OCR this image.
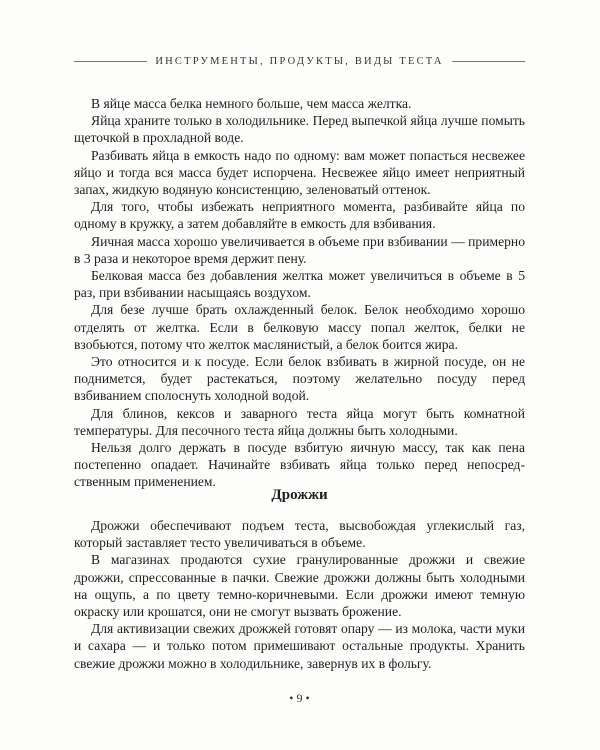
ИНСТРУМЕНТЫ, ПРОДУКТЫ, ВИДЫ ТЕСТА

В яйце масса белка немного больше, чем масса желтка.

Яйца храните только в холодильнике. Перед выпечкой яйца лучше помыть щеточкой в прохладной воде.

Разбивать яйца в емкость надо по одному: вам может попасться несвежее яйцо и тогда вся масса будет испорчена. Несвежее яйцо имеет неприятный запах, жидкую водяную консистенцию, зеленоватый оттенок.

Для того, чтобы избежать неприятного момента, разбивайте яйца по одному в кружку, а затем добавляйте в емкость для взбивания.

Яичная масса хорошо увеличивается в объеме при взбивании — примерно в 3 раза и некоторое время держит пену.

Белковая масса без добавления желтка может увеличиться в объеме в 5 раз, при взбивании насыщаясь воздухом.

Для безе лучше брать охлажденный белок. Белок необходимо хорошо отделять от желтка. Если в белковую массу попал желток, белки не взобьются, потому что желток маслянистый, а белок боится жира.

Это относится и к посуде. Если белок взбивать в жирной посуде, он не поднимется, будет растекаться, поэтому желательно посуду перед взбиванием сполоснуть холодной водой.

Для блинов, кексов и заварного теста яйца могут быть комнатной температуры. Для песочного теста яйца должны быть холодными.

Нельзя долго держать в посуде взбитую яичную массу, так как пена постепенно опадает. Начинайте взбивать яйца только перед непосредственным применением.

Дрожжи

Дрожжи обеспечивают подъем теста, высвобождая углекислый газ, который заставляет тесто увеличиваться в объеме.

В магазинах продаются сухие гранулированные дрожжи и свежие дрожжи, спрессованные в пачки. Свежие дрожжи должны быть холодными на ощупь, а по цвету темно-коричневыми. Если дрожжи имеют темную окраску или крошатся, они не смогут вызвать брожение.

Для активизации свежих дрожжей готовят опару — из молока, части муки и сахара — и только потом примешивают остальные продукты. Хранить свежие дрожжи можно в холодильнике, завернув их в фольгу.

• 9 •
